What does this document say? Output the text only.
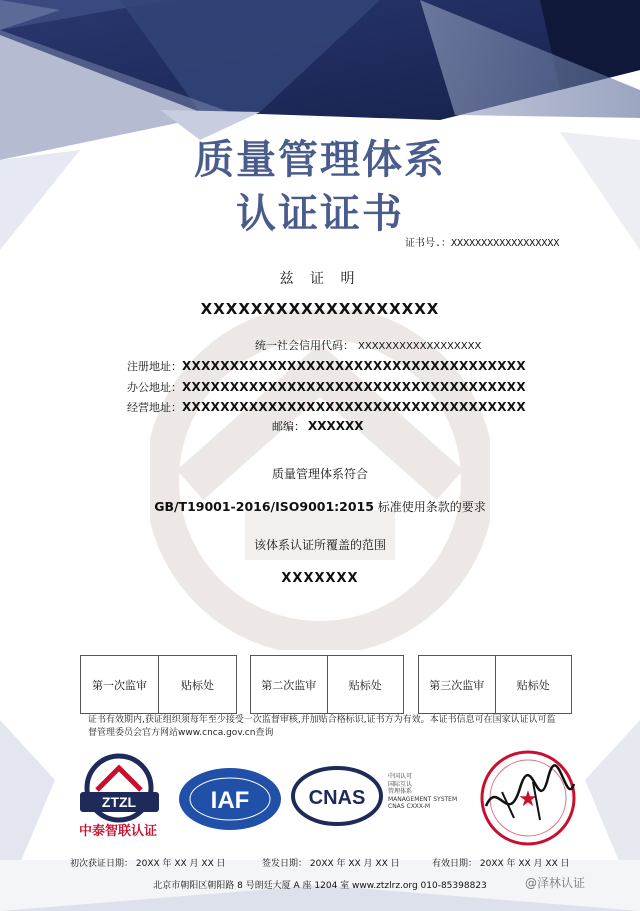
质量管理体系
认证证书
证书号.：XXXXXXXXXXXXXXXXXX
兹 证 明
XXXXXXXXXXXXXXXXXXX
统一社会信用代码： XXXXXXXXXXXXXXXXXX
注册地址：XXXXXXXXXXXXXXXXXXXXXXXXXXXXXXXXXXXX
办公地址：XXXXXXXXXXXXXXXXXXXXXXXXXXXXXXXXXXXX
经营地址：XXXXXXXXXXXXXXXXXXXXXXXXXXXXXXXXXXXX
邮编： XXXXXX
质量管理体系符合
GB/T19001-2016/ISO9001:2015 标准使用条款的要求
该体系认证所覆盖的范围
XXXXXXX
第一次监审	贴标处	第二次监审	贴标处	第三次监审	贴标处
证书有效期内,获证组织须每年至少接受一次监督审核,并加贴合格标识,证书方为有效。本证书信息可在国家认证认可监督管理委员会官方网站www.cnca.gov.cn查询
ZTZL
中泰智联认证
IAF	CNAS
中国认可
国际互认
管理体系
MANAGEMENT SYSTEM
CNAS CXXX-M	★
初次获证日期： 20XX 年 XX 月 XX 日	签发日期： 20XX 年 XX 月 XX 日	有效日期： 20XX 年 XX 月 XX 日
北京市朝阳区朝阳路 8 号朗廷大厦 A 座 1204 室 www.ztzlrz.org 010-85398823	@泽林认证
